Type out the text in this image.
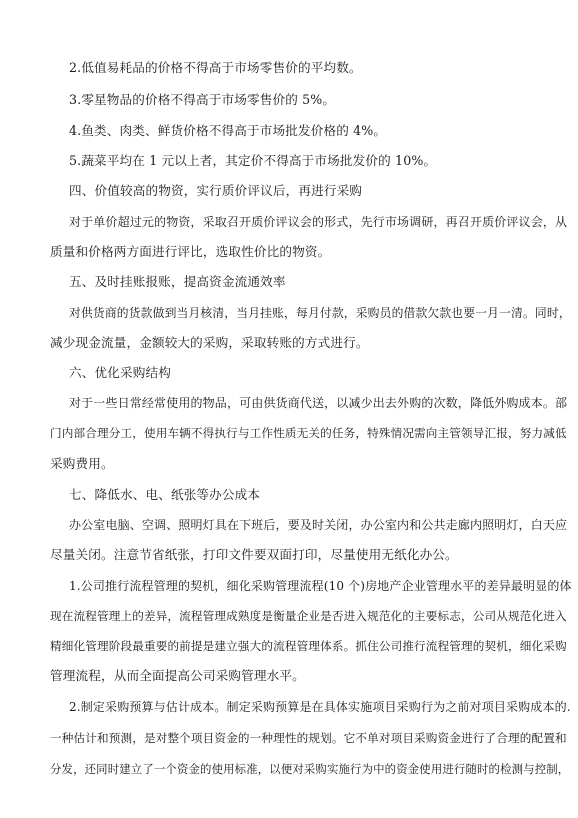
2.低值易耗品的价格不得高于市场零售价的平均数。
3.零星物品的价格不得高于市场零售价的 5%。
4.鱼类、肉类、鲜货价格不得高于市场批发价格的 4%。
5.蔬菜平均在 1 元以上者，其定价不得高于市场批发价的 10%。
四、价值较高的物资，实行质价评议后，再进行采购
对于单价超过元的物资，采取召开质价评议会的形式，先行市场调研，再召开质价评议会，从
质量和价格两方面进行评比，选取性价比的物资。
五、及时挂账报账，提高资金流通效率
对供货商的货款做到当月核清，当月挂账，每月付款，采购员的借款欠款也要一月一清。同时，
减少现金流量，金额较大的采购，采取转账的方式进行。
六、优化采购结构
对于一些日常经常使用的物品，可由供货商代送，以减少出去外购的次数，降低外购成本。部
门内部合理分工，使用车辆不得执行与工作性质无关的任务，特殊情况需向主管领导汇报，努力减低
采购费用。
七、降低水、电、纸张等办公成本
办公室电脑、空调、照明灯具在下班后，要及时关闭，办公室内和公共走廊内照明灯，白天应
尽量关闭。注意节省纸张，打印文件要双面打印，尽量使用无纸化办公。
1.公司推行流程管理的契机，细化采购管理流程(10 个)房地产企业管理水平的差异最明显的体
现在流程管理上的差异，流程管理成熟度是衡量企业是否进入规范化的主要标志，公司从规范化进入
精细化管理阶段最重要的前提是建立强大的流程管理体系。抓住公司推行流程管理的契机，细化采购
管理流程，从而全面提高公司采购管理水平。
2.制定采购预算与估计成本。制定采购预算是在具体实施项目采购行为之前对项目采购成本的.
一种估计和预测，是对整个项目资金的一种理性的规划。它不单对项目采购资金进行了合理的配置和
分发，还同时建立了一个资金的使用标准，以便对采购实施行为中的资金使用进行随时的检测与控制，
